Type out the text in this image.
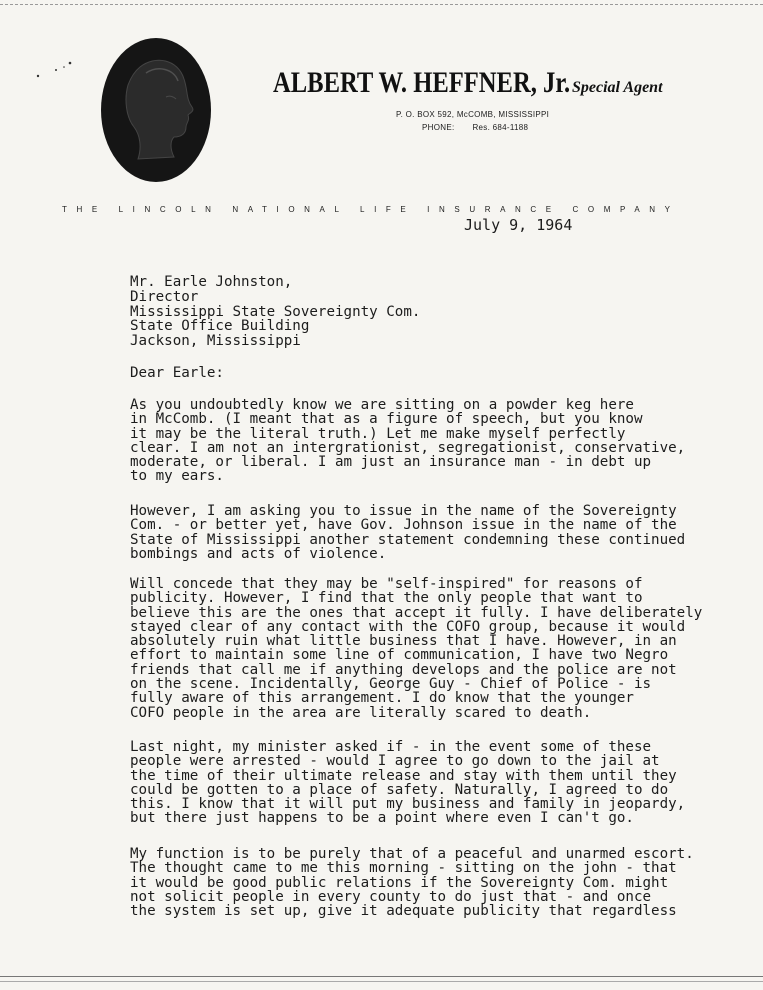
ALBERT W. HEFFNER, Jr. Special Agent
P. O. BOX 592, McCOMB, MISSISSIPPI
PHONE: Res. 684-1188
THE LINCOLN NATIONAL LIFE INSURANCE COMPANY
July 9, 1964
Mr. Earle Johnston,
Director
Mississippi State Sovereignty Com.
State Office Building
Jackson, Mississippi
Dear Earle:
As you undoubtedly know we are sitting on a powder keg here
in McComb. (I meant that as a figure of speech, but you know
it may be the literal truth.) Let me make myself perfectly
clear. I am not an intergrationist, segregationist, conservative,
moderate, or liberal. I am just an insurance man - in debt up
to my ears.
However, I am asking you to issue in the name of the Sovereignty
Com. - or better yet, have Gov. Johnson issue in the name of the
State of Mississippi another statement condemning these continued
bombings and acts of violence.
Will concede that they may be "self-inspired" for reasons of
publicity. However, I find that the only people that want to
believe this are the ones that accept it fully. I have deliberately
stayed clear of any contact with the COFO group, because it would
absolutely ruin what little business that I have. However, in an
effort to maintain some line of communication, I have two Negro
friends that call me if anything develops and the police are not
on the scene. Incidentally, George Guy - Chief of Police - is
fully aware of this arrangement. I do know that the younger
COFO people in the area are literally scared to death.
Last night, my minister asked if - in the event some of these
people were arrested - would I agree to go down to the jail at
the time of their ultimate release and stay with them until they
could be gotten to a place of safety. Naturally, I agreed to do
this. I know that it will put my business and family in jeopardy,
but there just happens to be a point where even I can't go.
My function is to be purely that of a peaceful and unarmed escort.
The thought came to me this morning - sitting on the john - that
it would be good public relations if the Sovereignty Com. might
not solicit people in every county to do just that - and once
the system is set up, give it adequate publicity that regardless
